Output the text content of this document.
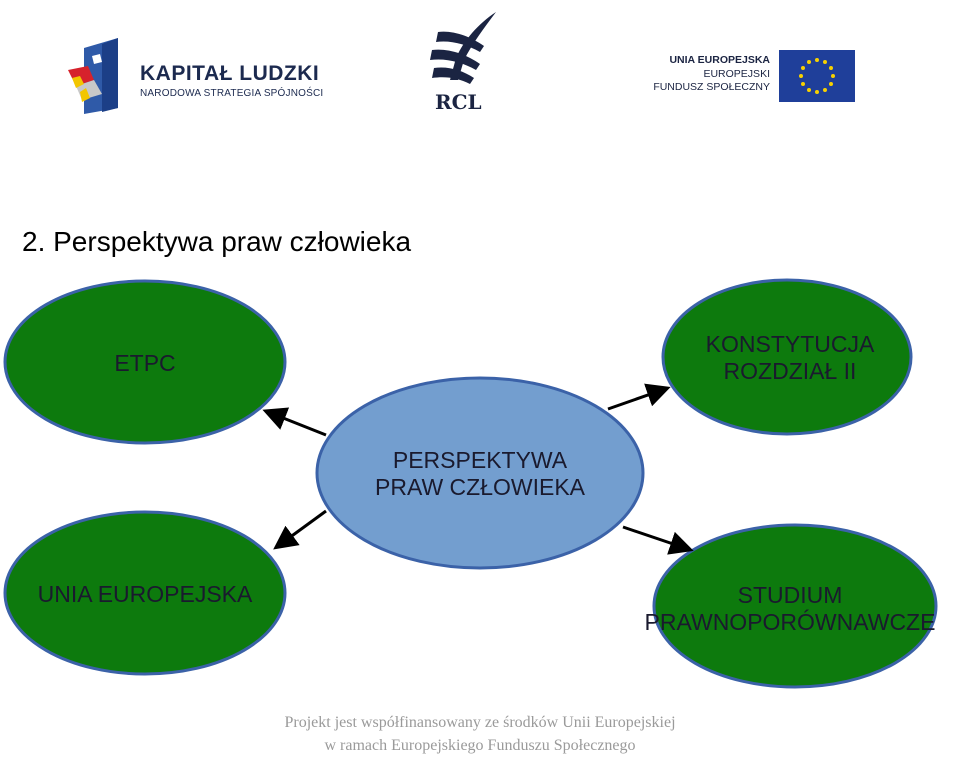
KAPITAŁ LUDZKI
NARODOWA STRATEGIA SPÓJNOŚCI	RCL
UNIA EUROPEJSKA
EUROPEJSKI
FUNDUSZ SPOŁECZNY
2. Perspektywa praw człowieka
ETPC
KONSTYTUCJA
ROZDZIAŁ II
PERSPEKTYWA
PRAW CZŁOWIEKA
UNIA EUROPEJSKA	STUDIUM
PRAWNOPORÓWNAWCZE
Projekt jest współfinansowany ze środków Unii Europejskiej
w ramach Europejskiego Funduszu Społecznego
